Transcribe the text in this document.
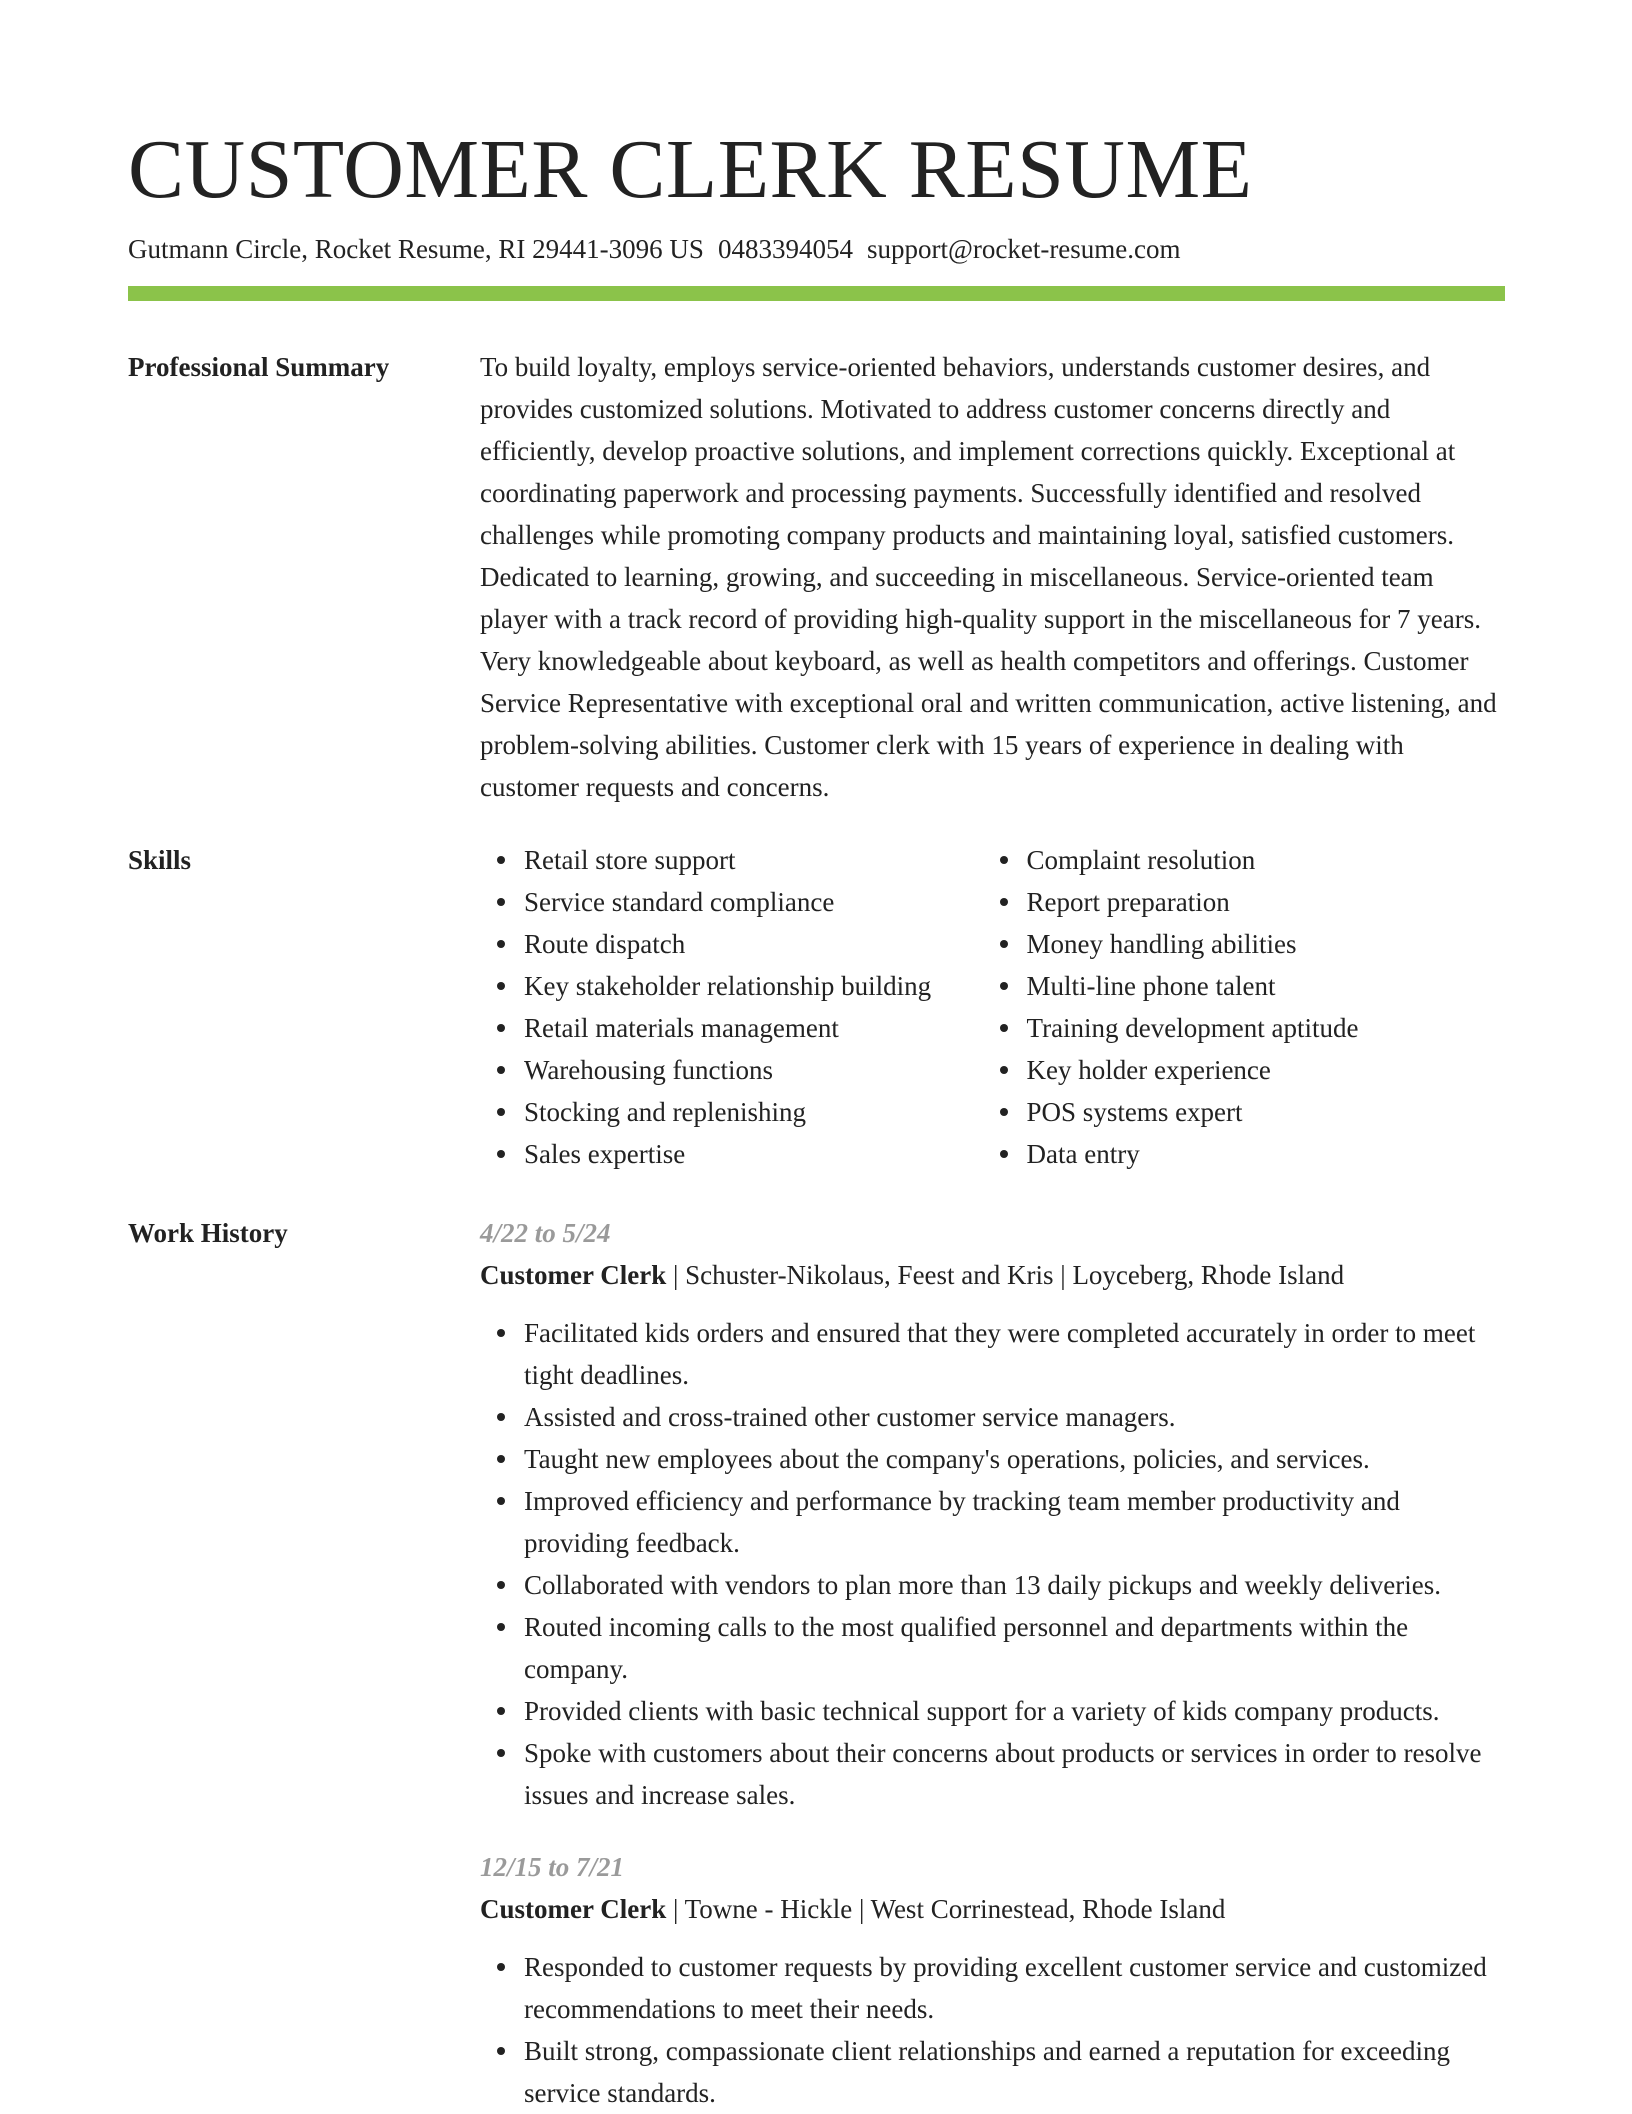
CUSTOMER CLERK RESUME
Gutmann Circle, Rocket Resume, RI 29441-3096 US 0483394054 support@rocket-resume.com
Professional Summary	To build loyalty, employs service-oriented behaviors, understands customer desires, and provides customized solutions. Motivated to address customer concerns directly and efficiently, develop proactive solutions, and implement corrections quickly. Exceptional at coordinating paperwork and processing payments. Successfully identified and resolved challenges while promoting company products and maintaining loyal, satisfied customers. Dedicated to learning, growing, and succeeding in miscellaneous. Service-oriented team player with a track record of providing high-quality support in the miscellaneous for 7 years. Very knowledgeable about keyboard, as well as health competitors and offerings. Customer Service Representative with exceptional oral and written communication, active listening, and problem-solving abilities. Customer clerk with 15 years of experience in dealing with customer requests and concerns.

Skills	Retail store support
Service standard compliance
Route dispatch
Key stakeholder relationship building
Retail materials management
Warehousing functions
Stocking and replenishing
Sales expertise
Complaint resolution
Report preparation
Money handling abilities
Multi-line phone talent
Training development aptitude
Key holder experience
POS systems expert
Data entry
Work History	4/22 to 5/24
Customer Clerk | Schuster-Nikolaus, Feest and Kris | Loyceberg, Rhode Island
Facilitated kids orders and ensured that they were completed accurately in order to meet tight deadlines.
Assisted and cross-trained other customer service managers.
Taught new employees about the company's operations, policies, and services.
Improved efficiency and performance by tracking team member productivity and providing feedback.
Collaborated with vendors to plan more than 13 daily pickups and weekly deliveries.
Routed incoming calls to the most qualified personnel and departments within the company.
Provided clients with basic technical support for a variety of kids company products.
Spoke with customers about their concerns about products or services in order to resolve issues and increase sales.
12/15 to 7/21
Customer Clerk | Towne - Hickle | West Corrinestead, Rhode Island
Responded to customer requests by providing excellent customer service and customized recommendations to meet their needs.
Built strong, compassionate client relationships and earned a reputation for exceeding service standards.
